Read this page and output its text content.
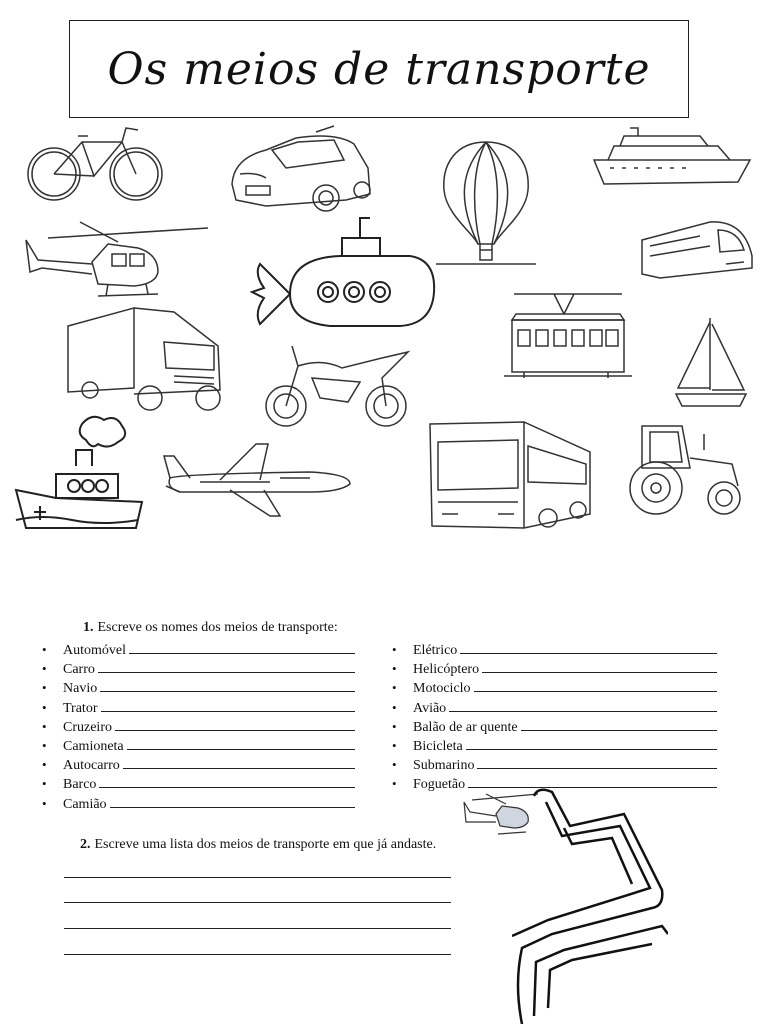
Os meios de transporte
1. Escreve os nomes dos meios de transporte:
• Automóvel
• Carro
• Navio
• Trator
• Cruzeiro
• Camioneta
• Autocarro
• Barco
• Camião
• Elétrico
• Helicóptero
• Motociclo
• Avião
• Balão de ar quente
• Bicicleta
• Submarino
• Foguetão
2. Escreve uma lista dos meios de transporte em que já andaste.
